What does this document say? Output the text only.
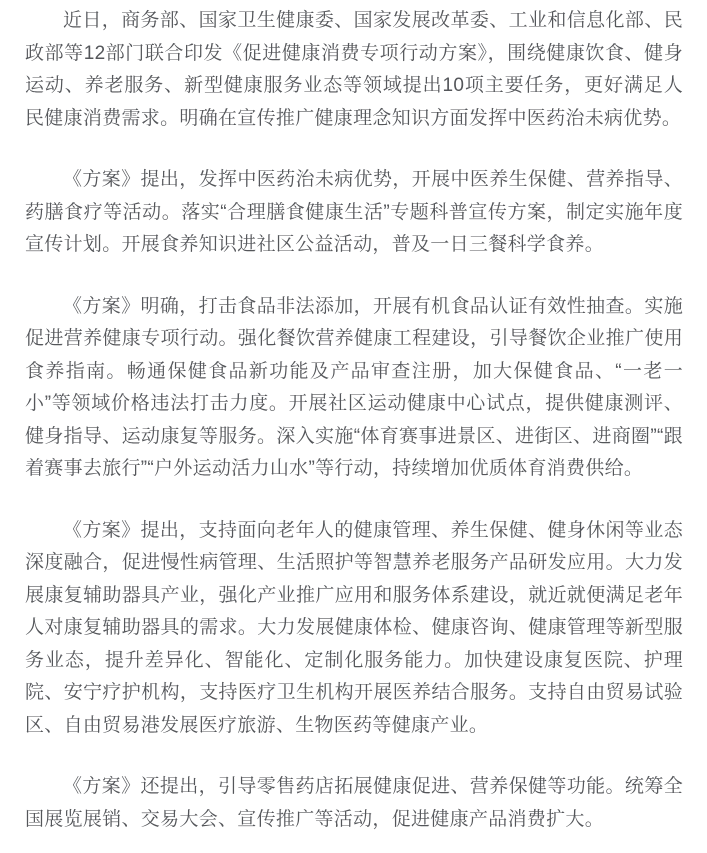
近日，商务部、国家卫生健康委、国家发展改革委、工业和信息化部、民政部等12部门联合印发《促进健康消费专项行动方案》，围绕健康饮食、健身运动、养老服务、新型健康服务业态等领域提出10项主要任务，更好满足人民健康消费需求。明确在宣传推广健康理念知识方面发挥中医药治未病优势。

《方案》提出，发挥中医药治未病优势，开展中医养生保健、营养指导、药膳食疗等活动。落实“合理膳食健康生活”专题科普宣传方案，制定实施年度宣传计划。开展食养知识进社区公益活动，普及一日三餐科学食养。

《方案》明确，打击食品非法添加，开展有机食品认证有效性抽查。实施促进营养健康专项行动。强化餐饮营养健康工程建设，引导餐饮企业推广使用食养指南。畅通保健食品新功能及产品审查注册，加大保健食品、“一老一小”等领域价格违法打击力度。开展社区运动健康中心试点，提供健康测评、健身指导、运动康复等服务。深入实施“体育赛事进景区、进街区、进商圈”“跟着赛事去旅行”“户外运动活力山水”等行动，持续增加优质体育消费供给。

《方案》提出，支持面向老年人的健康管理、养生保健、健身休闲等业态深度融合，促进慢性病管理、生活照护等智慧养老服务产品研发应用。大力发展康复辅助器具产业，强化产业推广应用和服务体系建设，就近就便满足老年人对康复辅助器具的需求。大力发展健康体检、健康咨询、健康管理等新型服务业态，提升差异化、智能化、定制化服务能力。加快建设康复医院、护理院、安宁疗护机构，支持医疗卫生机构开展医养结合服务。支持自由贸易试验区、自由贸易港发展医疗旅游、生物医药等健康产业。

《方案》还提出，引导零售药店拓展健康促进、营养保健等功能。统筹全国展览展销、交易大会、宣传推广等活动，促进健康产品消费扩大。
